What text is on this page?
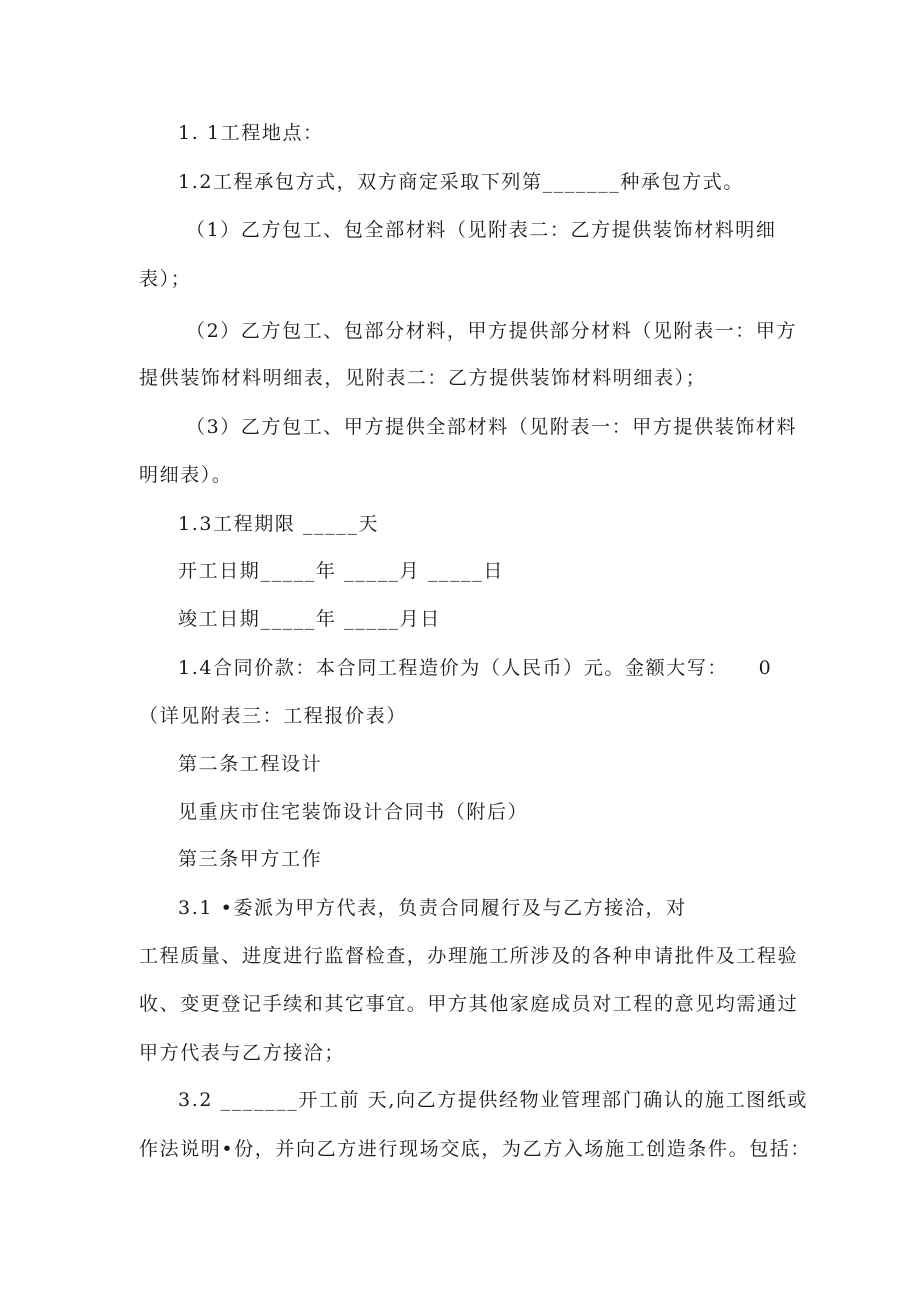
1. 1工程地点：
1.2工程承包方式，双方商定采取下列第_______种承包方式。
（1）乙方包工、包全部材料（见附表二：乙方提供装饰材料明细
表）；
（2）乙方包工、包部分材料，甲方提供部分材料（见附表一：甲方
提供装饰材料明细表，见附表二：乙方提供装饰材料明细表）；
（3）乙方包工、甲方提供全部材料（见附表一：甲方提供装饰材料
明细表）。
1.3工程期限 _____天
开工日期_____年 _____月 _____日
竣工日期_____年 _____月日
1.4合同价款：本合同工程造价为（人民币）元。金额大写：    0
（详见附表三：工程报价表）
第二条工程设计
见重庆市住宅装饰设计合同书（附后）
第三条甲方工作
3.1 •委派为甲方代表，负责合同履行及与乙方接洽，对
工程质量、进度进行监督检查，办理施工所涉及的各种申请批件及工程验
收、变更登记手续和其它事宜。甲方其他家庭成员对工程的意见均需通过
甲方代表与乙方接洽；
3.2 _______开工前 天,向乙方提供经物业管理部门确认的施工图纸或
作法说明•份，并向乙方进行现场交底，为乙方入场施工创造条件。包括：
